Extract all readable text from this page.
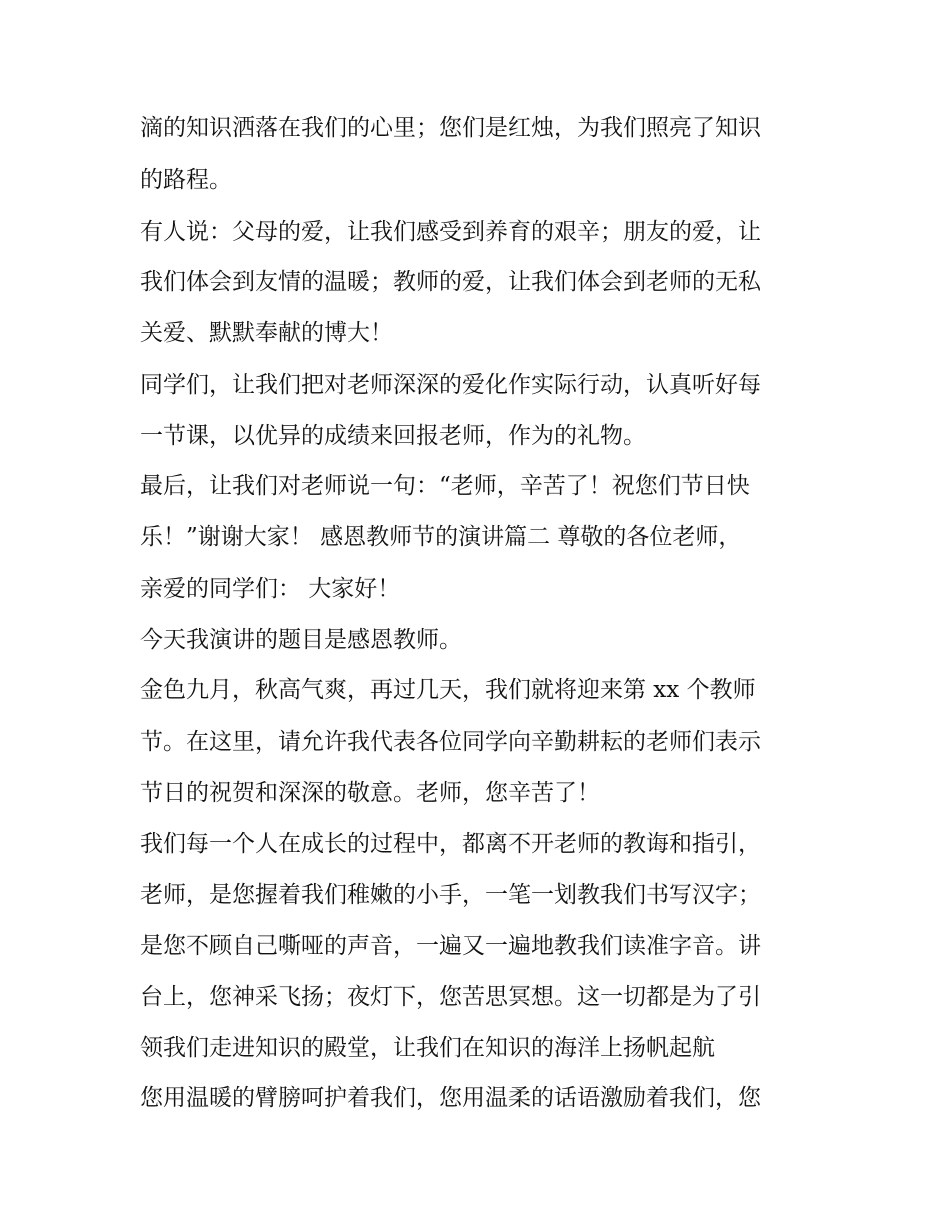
滴的知识洒落在我们的心里；您们是红烛，为我们照亮了知识
的路程。
有人说：父母的爱，让我们感受到养育的艰辛；朋友的爱，让
我们体会到友情的温暖；教师的爱，让我们体会到老师的无私
关爱、默默奉献的博大！
同学们，让我们把对老师深深的爱化作实际行动，认真听好每
一节课，以优异的成绩来回报老师，作为的礼物。
最后，让我们对老师说一句：“老师，辛苦了！祝您们节日快
乐！”谢谢大家！ 感恩教师节的演讲篇二 尊敬的各位老师，
亲爱的同学们： 大家好！
今天我演讲的题目是感恩教师。
金色九月，秋高气爽，再过几天，我们就将迎来第 xx 个教师
节。在这里，请允许我代表各位同学向辛勤耕耘的老师们表示
节日的祝贺和深深的敬意。老师，您辛苦了！
我们每一个人在成长的过程中，都离不开老师的教诲和指引，
老师，是您握着我们稚嫩的小手，一笔一划教我们书写汉字；
是您不顾自己嘶哑的声音，一遍又一遍地教我们读准字音。讲
台上，您神采飞扬；夜灯下，您苦思冥想。这一切都是为了引
领我们走进知识的殿堂，让我们在知识的海洋上扬帆起航
您用温暖的臂膀呵护着我们，您用温柔的话语激励着我们，您
